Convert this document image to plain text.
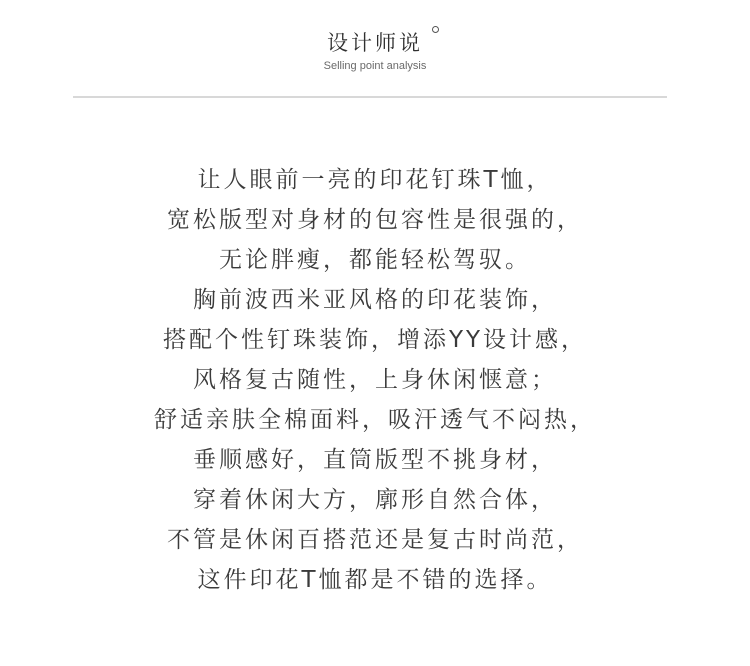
设计师说
Selling point analysis
让人眼前一亮的印花钉珠T恤，
宽松版型对身材的包容性是很强的，
无论胖瘦，都能轻松驾驭。
胸前波西米亚风格的印花装饰，
搭配个性钉珠装饰，增添YY设计感，
风格复古随性，上身休闲惬意；
舒适亲肤全棉面料，吸汗透气不闷热，
垂顺感好，直筒版型不挑身材，
穿着休闲大方，廓形自然合体，
不管是休闲百搭范还是复古时尚范，
这件印花T恤都是不错的选择。
